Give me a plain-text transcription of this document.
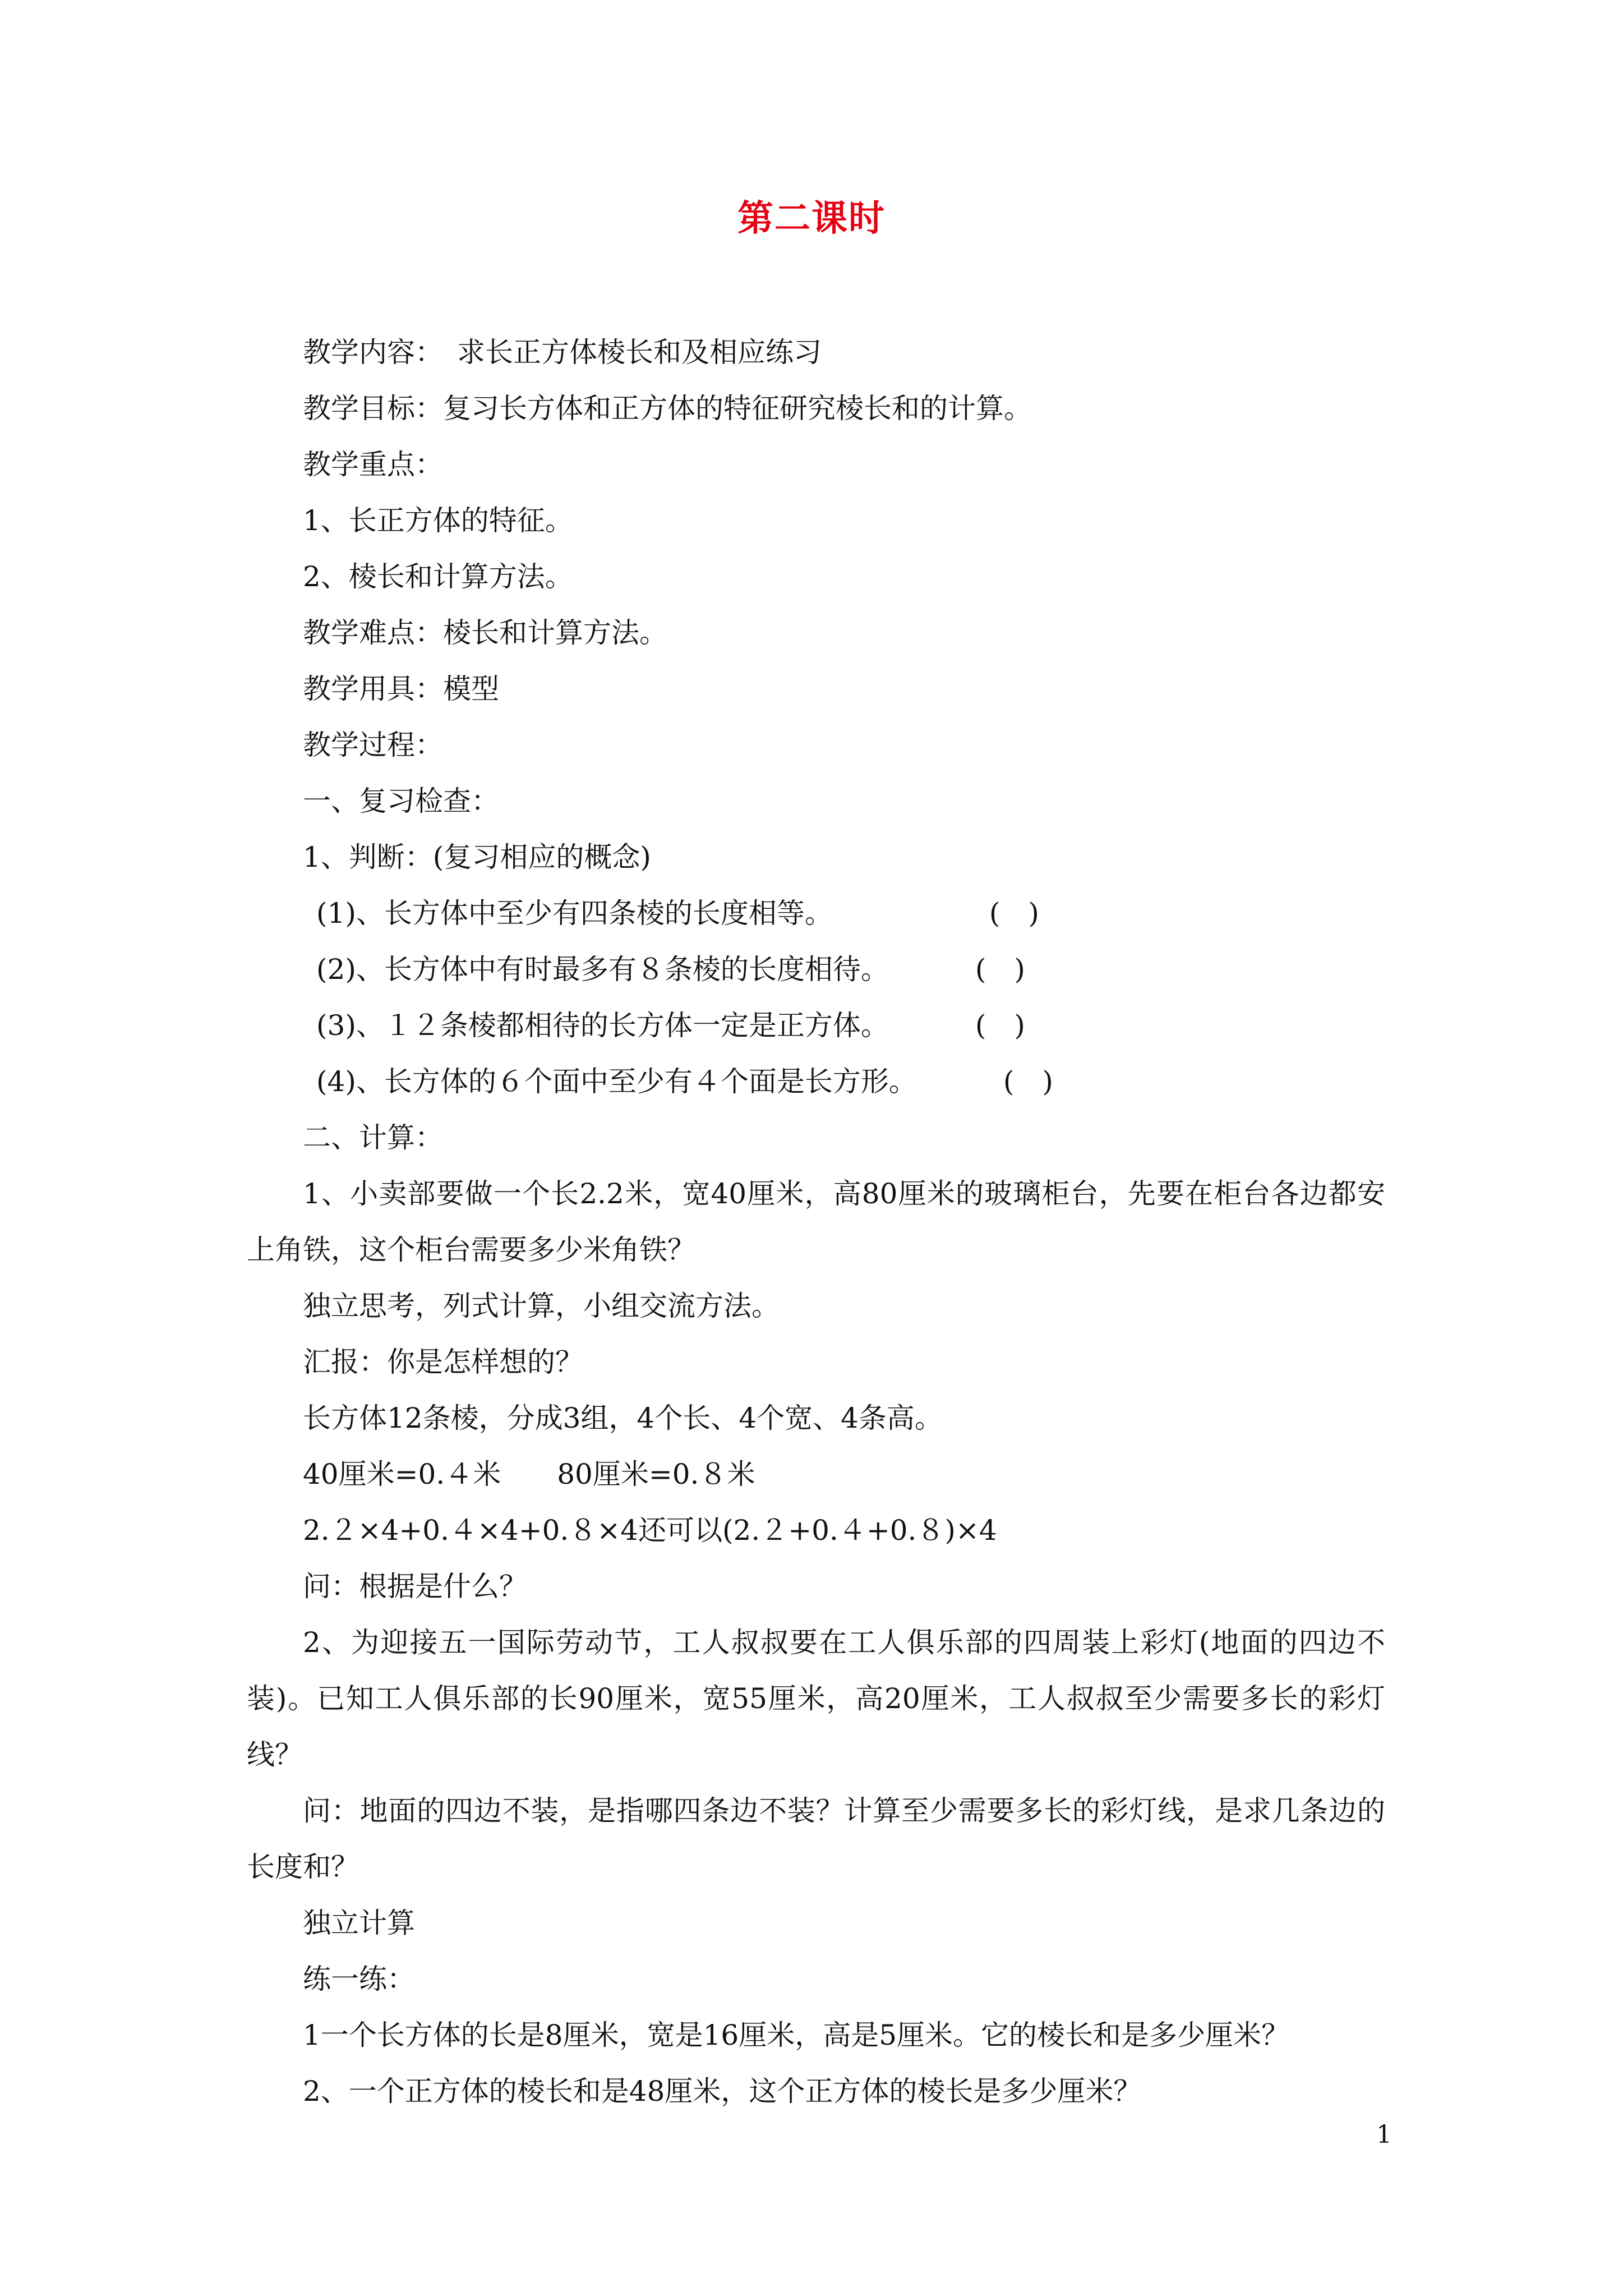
第二课时

教学内容：　求长正方体棱长和及相应练习

教学目标：复习长方体和正方体的特征研究棱长和的计算。

教学重点：

1、长正方体的特征。

2、棱长和计算方法。

教学难点：棱长和计算方法。

教学用具：模型

教学过程：

一、复习检查：

1、判断：(复习相应的概念)

(1)、长方体中至少有四条棱的长度相等。　　　	(　)

(2)、长方体中有时最多有８条棱的长度相待。	(　)

(3)、１２条棱都相待的长方体一定是正方体。	(　)

(4)、长方体的６个面中至少有４个面是长方形。	(　)

二、计算：

1、小卖部要做一个长2.2米，宽40厘米，高80厘米的玻璃柜台，先要在柜台各边都安上角铁，这个柜台需要多少米角铁？

独立思考，列式计算，小组交流方法。

汇报：你是怎样想的？

长方体12条棱，分成3组，4个长、4个宽、4条高。

40厘米=0.４米　　80厘米=0.８米

2.２×4+0.４×4+0.８×4还可以(2.２+0.４+0.８)×4

问：根据是什么？

2、为迎接五一国际劳动节，工人叔叔要在工人俱乐部的四周装上彩灯(地面的四边不装)。已知工人俱乐部的长90厘米，宽55厘米，高20厘米，工人叔叔至少需要多长的彩灯线？

问：地面的四边不装，是指哪四条边不装？计算至少需要多长的彩灯线，是求几条边的长度和？

独立计算

练一练：

1一个长方体的长是8厘米，宽是16厘米，高是5厘米。它的棱长和是多少厘米？

2、一个正方体的棱长和是48厘米，这个正方体的棱长是多少厘米？

1
